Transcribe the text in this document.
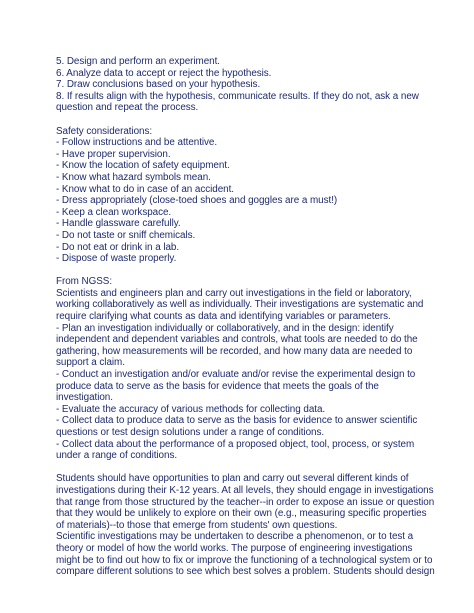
5. Design and perform an experiment.
6. Analyze data to accept or reject the hypothesis.
7. Draw conclusions based on your hypothesis.
8. If results align with the hypothesis, communicate results. If they do not, ask a new
question and repeat the process.
Safety considerations:
- Follow instructions and be attentive.
- Have proper supervision.
- Know the location of safety equipment.
- Know what hazard symbols mean.
- Know what to do in case of an accident.
- Dress appropriately (close-toed shoes and goggles are a must!)
- Keep a clean workspace.
- Handle glassware carefully.
- Do not taste or sniff chemicals.
- Do not eat or drink in a lab.
- Dispose of waste properly.
From NGSS:
Scientists and engineers plan and carry out investigations in the field or laboratory,
working collaboratively as well as individually. Their investigations are systematic and
require clarifying what counts as data and identifying variables or parameters.
- Plan an investigation individually or collaboratively, and in the design: identify
independent and dependent variables and controls, what tools are needed to do the
gathering, how measurements will be recorded, and how many data are needed to
support a claim.
- Conduct an investigation and/or evaluate and/or revise the experimental design to
produce data to serve as the basis for evidence that meets the goals of the
investigation.
- Evaluate the accuracy of various methods for collecting data.
- Collect data to produce data to serve as the basis for evidence to answer scientific
questions or test design solutions under a range of conditions.
- Collect data about the performance of a proposed object, tool, process, or system
under a range of conditions.
Students should have opportunities to plan and carry out several different kinds of
investigations during their K-12 years. At all levels, they should engage in investigations
that range from those structured by the teacher--in order to expose an issue or question
that they would be unlikely to explore on their own (e.g., measuring specific properties
of materials)--to those that emerge from students' own questions.
Scientific investigations may be undertaken to describe a phenomenon, or to test a
theory or model of how the world works. The purpose of engineering investigations
might be to find out how to fix or improve the functioning of a technological system or to
compare different solutions to see which best solves a problem. Students should design
